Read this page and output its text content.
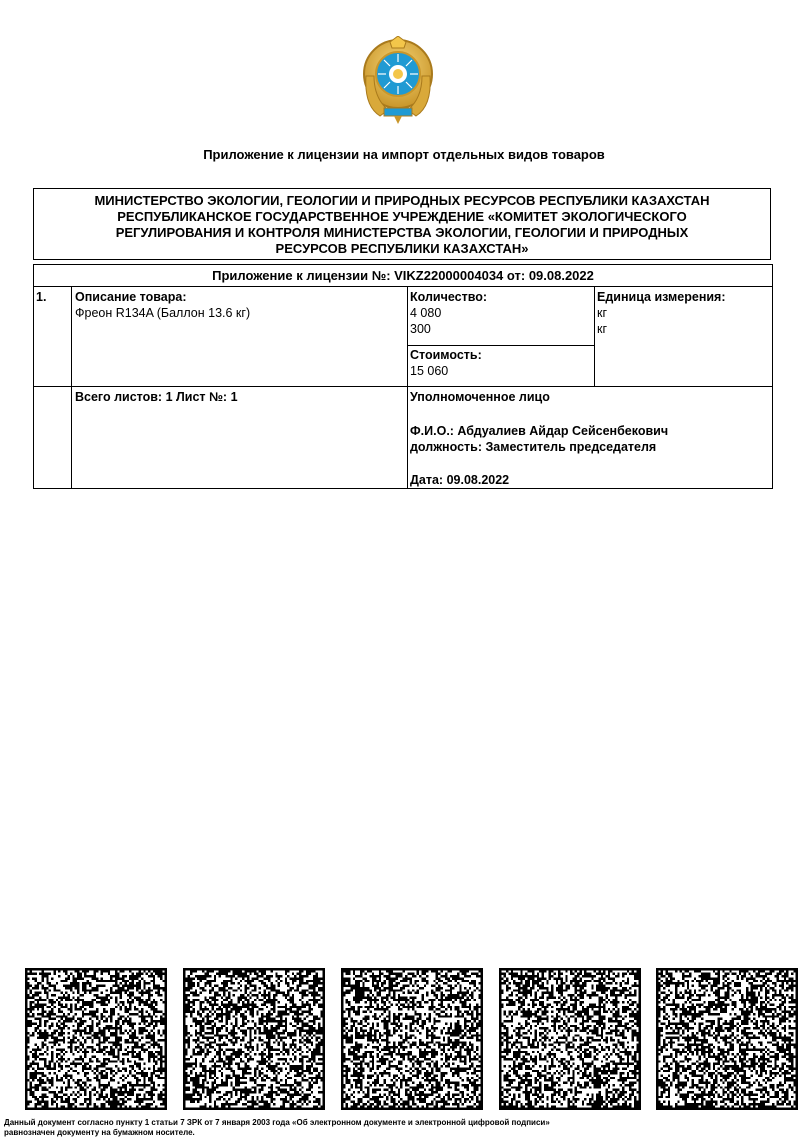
Приложение к лицензии на импорт отдельных видов товаров
МИНИСТЕРСТВО ЭКОЛОГИИ, ГЕОЛОГИИ И ПРИРОДНЫХ РЕСУРСОВ РЕСПУБЛИКИ КАЗАХСТАН
РЕСПУБЛИКАНСКОЕ ГОСУДАРСТВЕННОЕ УЧРЕЖДЕНИЕ «КОМИТЕТ ЭКОЛОГИЧЕСКОГО
РЕГУЛИРОВАНИЯ И КОНТРОЛЯ МИНИСТЕРСТВА ЭКОЛОГИИ, ГЕОЛОГИИ И ПРИРОДНЫХ
РЕСУРСОВ РЕСПУБЛИКИ КАЗАХСТАН»
Приложение к лицензии №: VIKZ22000004034 от: 09.08.2022
1. Описание товара:
Фреон R134A (Баллон 13.6 кг)
Количество:
4 080
300
Единица измерения:
кг
кг
Стоимость:
15 060
Всего листов: 1 Лист №: 1	Уполномоченное лицо
Ф.И.О.: Абдуалиев Айдар Сейсенбекович
должность: Заместитель председателя
Дата: 09.08.2022
Данный документ согласно пункту 1 статьи 7 ЗРК от 7 января 2003 года «Об электронном документе и электронной цифровой подписи»
равнозначен документу на бумажном носителе.
